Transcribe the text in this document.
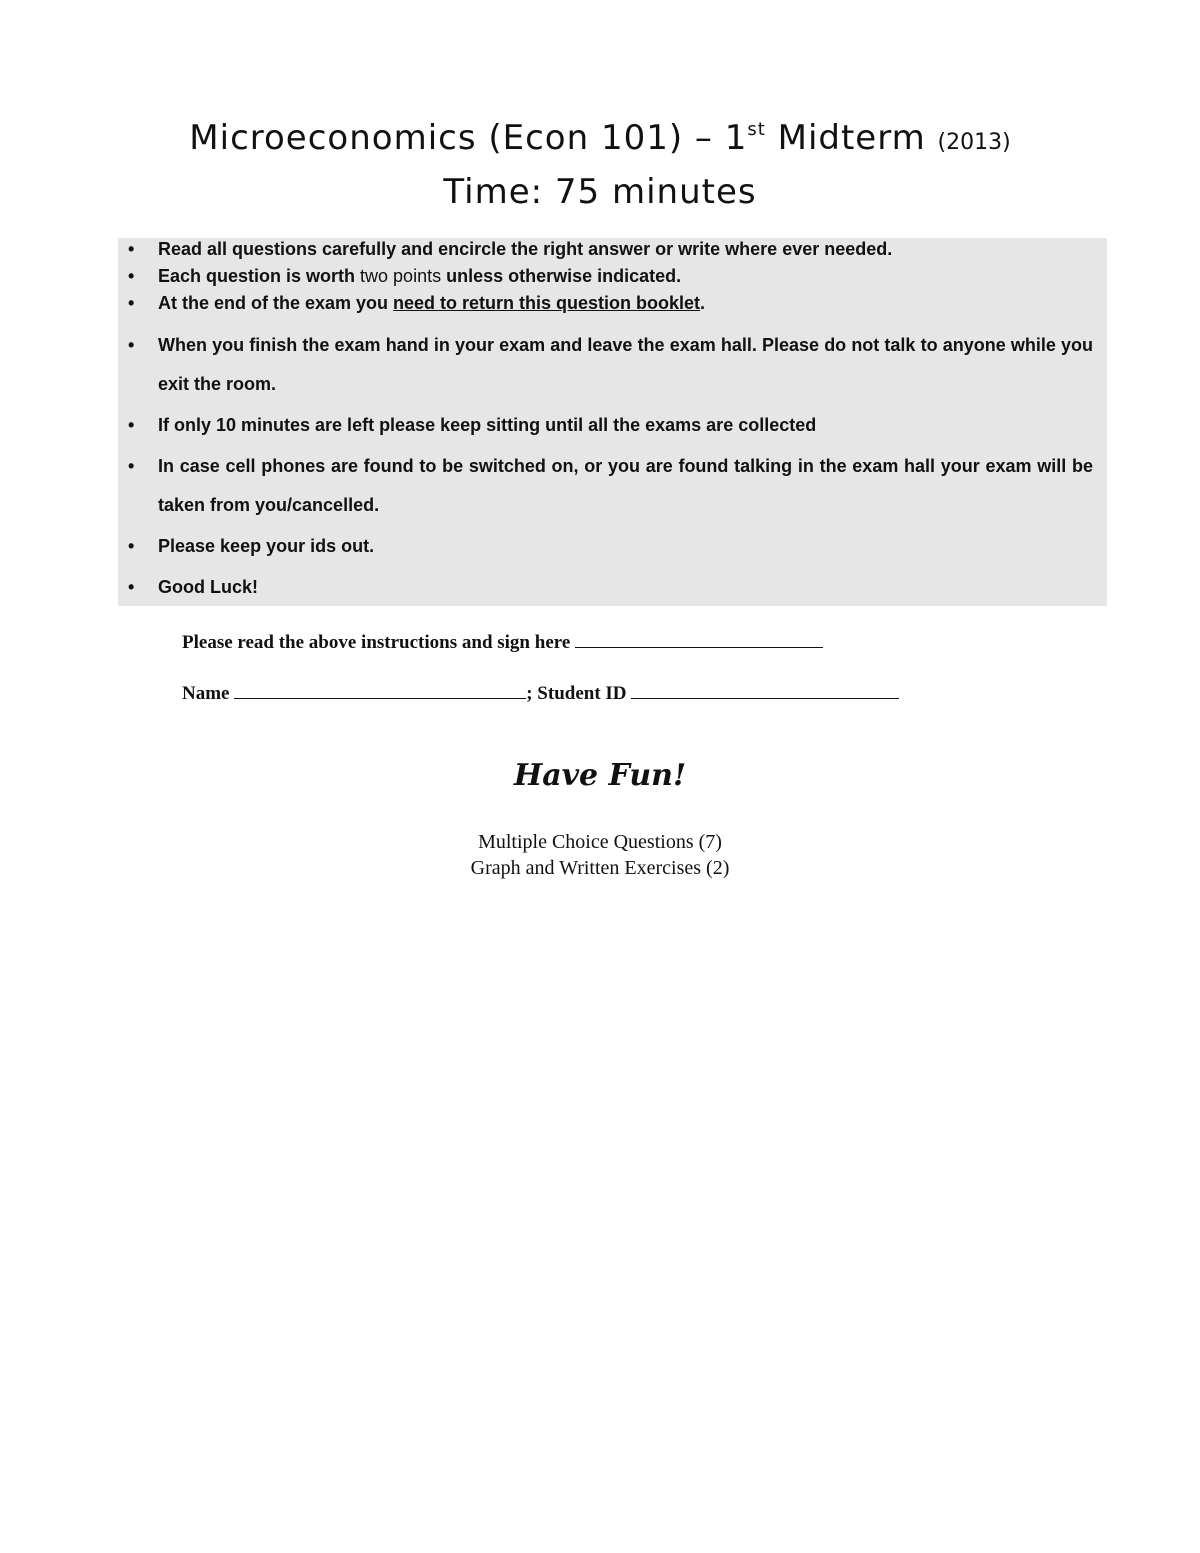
Microeconomics (Econ 101) – 1st Midterm (2013)
Time: 75 minutes
• Read all questions carefully and encircle the right answer or write where ever needed.
• Each question is worth two points unless otherwise indicated.
• At the end of the exam you need to return this question booklet.
• When you finish the exam hand in your exam and leave the exam hall. Please do not talk to anyone while you exit the room.
• If only 10 minutes are left please keep sitting until all the exams are collected
• In case cell phones are found to be switched on, or you are found talking in the exam hall your exam will be taken from you/cancelled.
• Please keep your ids out.
• Good Luck!
Please read the above instructions and sign here
Name	; Student ID
Have Fun!
Multiple Choice Questions (7)
Graph and Written Exercises (2)
